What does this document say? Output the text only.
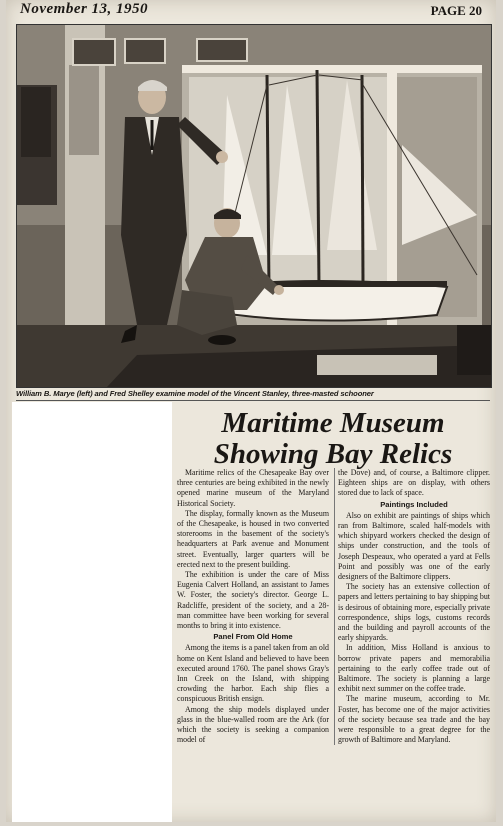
November 13, 1950	PAGE 20
William B. Marye (left) and Fred Shelley examine model of the Vincent Stanley, three-masted schooner
Maritime Museum
Showing Bay Relics

Maritime relics of the Chesapeake Bay over three centuries are being exhibited in the newly opened marine museum of the Maryland Historical Society.

The display, formally known as the Museum of the Chesapeake, is housed in two converted storerooms in the basement of the society's headquarters at Park avenue and Monument street. Eventually, larger quarters will be erected next to the present building.

The exhibition is under the care of Miss Eugenia Calvert Holland, an assistant to James W. Foster, the society's director. George L. Radcliffe, president of the society, and a 28-man committee have been working for several months to bring it into existence.

Panel From Old Home

Among the items is a panel taken from an old home on Kent Island and believed to have been executed around 1760. The panel shows Gray's Inn Creek on the Island, with shipping crowding the harbor. Each ship flies a conspicuous British ensign.

Among the ship models displayed under glass in the blue-walled room are the Ark (for which the society is seeking a companion model of

the Dove) and, of course, a Baltimore clipper. Eighteen ships are on display, with others stored due to lack of space.

Paintings Included

Also on exhibit are paintings of ships which ran from Baltimore, scaled half-models with which shipyard workers checked the design of ships under construction, and the tools of Joseph Despeaux, who operated a yard at Fells Point and possibly was one of the early designers of the Baltimore clippers.

The society has an extensive collection of papers and letters pertaining to bay shipping but is desirous of obtaining more, especially private correspondence, ships logs, customs records and the building and payroll accounts of the early shipyards.

In addition, Miss Holland is anxious to borrow private papers and memorabilia pertaining to the early coffee trade out of Baltimore. The society is planning a large exhibit next summer on the coffee trade.

The marine museum, according to Mr. Foster, has become one of the major activities of the society because sea trade and the bay were responsible to a great degree for the growth of Baltimore and Maryland.
